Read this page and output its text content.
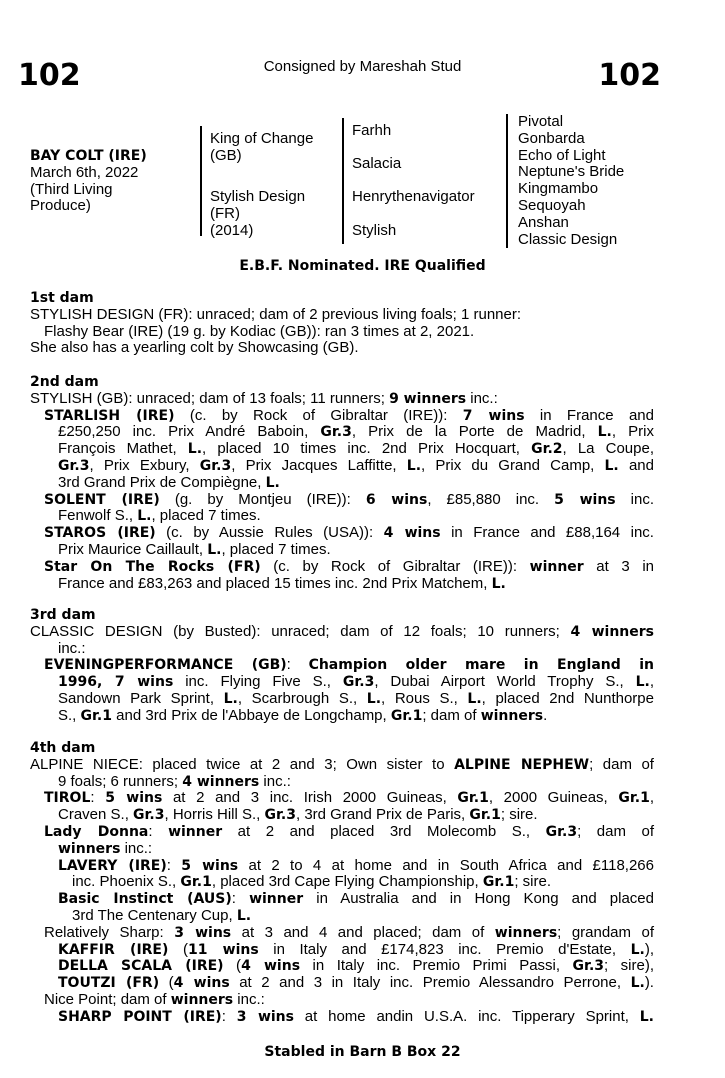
102	Consigned by Mareshah Stud	102
BAY COLT (IRE)
March 6th, 2022
(Third Living
Produce)
King of Change
(GB)
Stylish Design
(FR)
(2014)
Farhh
Salacia
Henrythenavigator
Stylish
Pivotal
Gonbarda
Echo of Light
Neptune's Bride
Kingmambo
Sequoyah
Anshan
Classic Design
E.B.F. Nominated. IRE Qualified
1st dam
STYLISH DESIGN (FR): unraced; dam of 2 previous living foals; 1 runner:
Flashy Bear (IRE) (19 g. by Kodiac (GB)): ran 3 times at 2, 2021.
She also has a yearling colt by Showcasing (GB).
2nd dam
STYLISH (GB): unraced; dam of 13 foals; 11 runners; 9 winners inc.:
STARLISH (IRE) (c. by Rock of Gibraltar (IRE)): 7 wins in France and
£250,250 inc. Prix André Baboin, Gr.3, Prix de la Porte de Madrid, L., Prix
François Mathet, L., placed 10 times inc. 2nd Prix Hocquart, Gr.2, La Coupe,
Gr.3, Prix Exbury, Gr.3, Prix Jacques Laffitte, L., Prix du Grand Camp, L. and
3rd Grand Prix de Compiègne, L.
SOLENT (IRE) (g. by Montjeu (IRE)): 6 wins, £85,880 inc. 5 wins inc.
Fenwolf S., L., placed 7 times.
STAROS (IRE) (c. by Aussie Rules (USA)): 4 wins in France and £88,164 inc.
Prix Maurice Caillault, L., placed 7 times.
Star On The Rocks (FR) (c. by Rock of Gibraltar (IRE)): winner at 3 in
France and £83,263 and placed 15 times inc. 2nd Prix Matchem, L.
3rd dam
CLASSIC DESIGN (by Busted): unraced; dam of 12 foals; 10 runners; 4 winners
inc.:
EVENINGPERFORMANCE (GB): Champion older mare in England in
1996, 7 wins inc. Flying Five S., Gr.3, Dubai Airport World Trophy S., L.,
Sandown Park Sprint, L., Scarbrough S., L., Rous S., L., placed 2nd Nunthorpe
S., Gr.1 and 3rd Prix de l'Abbaye de Longchamp, Gr.1; dam of winners.
4th dam
ALPINE NIECE: placed twice at 2 and 3; Own sister to ALPINE NEPHEW; dam of
9 foals; 6 runners; 4 winners inc.:
TIROL: 5 wins at 2 and 3 inc. Irish 2000 Guineas, Gr.1, 2000 Guineas, Gr.1,
Craven S., Gr.3, Horris Hill S., Gr.3, 3rd Grand Prix de Paris, Gr.1; sire.
Lady Donna: winner at 2 and placed 3rd Molecomb S., Gr.3; dam of
winners inc.:
LAVERY (IRE): 5 wins at 2 to 4 at home and in South Africa and £118,266
inc. Phoenix S., Gr.1, placed 3rd Cape Flying Championship, Gr.1; sire.
Basic Instinct (AUS): winner in Australia and in Hong Kong and placed
3rd The Centenary Cup, L.
Relatively Sharp: 3 wins at 3 and 4 and placed; dam of winners; grandam of
KAFFIR (IRE) (11 wins in Italy and £174,823 inc. Premio d'Estate, L.),
DELLA SCALA (IRE) (4 wins in Italy inc. Premio Primi Passi, Gr.3; sire),
TOUTZI (FR) (4 wins at 2 and 3 in Italy inc. Premio Alessandro Perrone, L.).
Nice Point; dam of winners inc.:
SHARP POINT (IRE): 3 wins at home andin U.S.A. inc. Tipperary Sprint, L.
Stabled in Barn B Box 22
